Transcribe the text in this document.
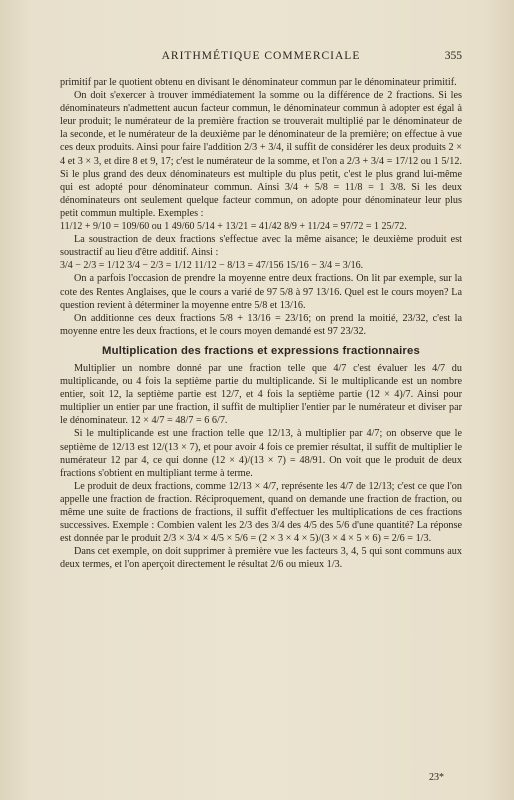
ARITHMÉTIQUE COMMERCIALE	355

primitif par le quotient obtenu en divisant le dénominateur commun par le dénominateur primitif.

On doit s'exercer à trouver immédiatement la somme ou la différence de 2 fractions. Si les dénominateurs n'admettent aucun facteur commun, le dénominateur commun à adopter est égal à leur produit; le numérateur de la première fraction se trouverait multiplié par le dénominateur de la seconde, et le numérateur de la deuxième par le dénominateur de la première; on effectue à vue ces deux produits. Ainsi pour faire l'addition 2/3 + 3/4, il suffit de considérer les deux produits 2 × 4 et 3 × 3, et dire 8 et 9, 17; c'est le numérateur de la somme, et l'on a 2/3 + 3/4 = 17/12 ou 1 5/12. Si le plus grand des deux dénominateurs est multiple du plus petit, c'est le plus grand lui-même qui est adopté pour dénominateur commun. Ainsi 3/4 + 5/8 = 11/8 = 1 3/8. Si les deux dénominateurs ont seulement quelque facteur commun, on adopte pour dénominateur leur plus petit commun multiple. Exemples :

11/12 + 9/10 = 109/60 ou 1 49/60 5/14 + 13/21 = 41/42 8/9 + 11/24 = 97/72 = 1 25/72.

La soustraction de deux fractions s'effectue avec la même aisance; le deuxième produit est soustractif au lieu d'être additif. Ainsi :

3/4 − 2/3 = 1/12 3/4 − 2/3 = 1/12 11/12 − 8/13 = 47/156 15/16 − 3/4 = 3/16.

On a parfois l'occasion de prendre la moyenne entre deux fractions. On lit par exemple, sur la cote des Rentes Anglaises, que le cours a varié de 97 5/8 à 97 13/16. Quel est le cours moyen? La question revient à déterminer la moyenne entre 5/8 et 13/16.

On additionne ces deux fractions 5/8 + 13/16 = 23/16; on prend la moitié, 23/32, c'est la moyenne entre les deux fractions, et le cours moyen demandé est 97 23/32.

Multiplication des fractions et expressions fractionnaires

Multiplier un nombre donné par une fraction telle que 4/7 c'est évaluer les 4/7 du multiplicande, ou 4 fois la septième partie du multiplicande. Si le multiplicande est un nombre entier, soit 12, la septième partie est 12/7, et 4 fois la septième partie (12 × 4)/7. Ainsi pour multiplier un entier par une fraction, il suffit de multiplier l'entier par le numérateur et diviser par le dénominateur. 12 × 4/7 = 48/7 = 6 6/7.

Si le multiplicande est une fraction telle que 12/13, à multiplier par 4/7; on observe que le septième de 12/13 est 12/(13 × 7), et pour avoir 4 fois ce premier résultat, il suffit de multiplier le numérateur 12 par 4, ce qui donne (12 × 4)/(13 × 7) = 48/91. On voit que le produit de deux fractions s'obtient en multipliant terme à terme.

Le produit de deux fractions, comme 12/13 × 4/7, représente les 4/7 de 12/13; c'est ce que l'on appelle une fraction de fraction. Réciproquement, quand on demande une fraction de fraction, ou même une suite de fractions de fractions, il suffit d'effectuer les multiplications de ces fractions successives. Exemple : Combien valent les 2/3 des 3/4 des 4/5 des 5/6 d'une quantité? La réponse est donnée par le produit 2/3 × 3/4 × 4/5 × 5/6 = (2 × 3 × 4 × 5)/(3 × 4 × 5 × 6) = 2/6 = 1/3.

Dans cet exemple, on doit supprimer à première vue les facteurs 3, 4, 5 qui sont communs aux deux termes, et l'on aperçoit directement le résultat 2/6 ou mieux 1/3.

23*
